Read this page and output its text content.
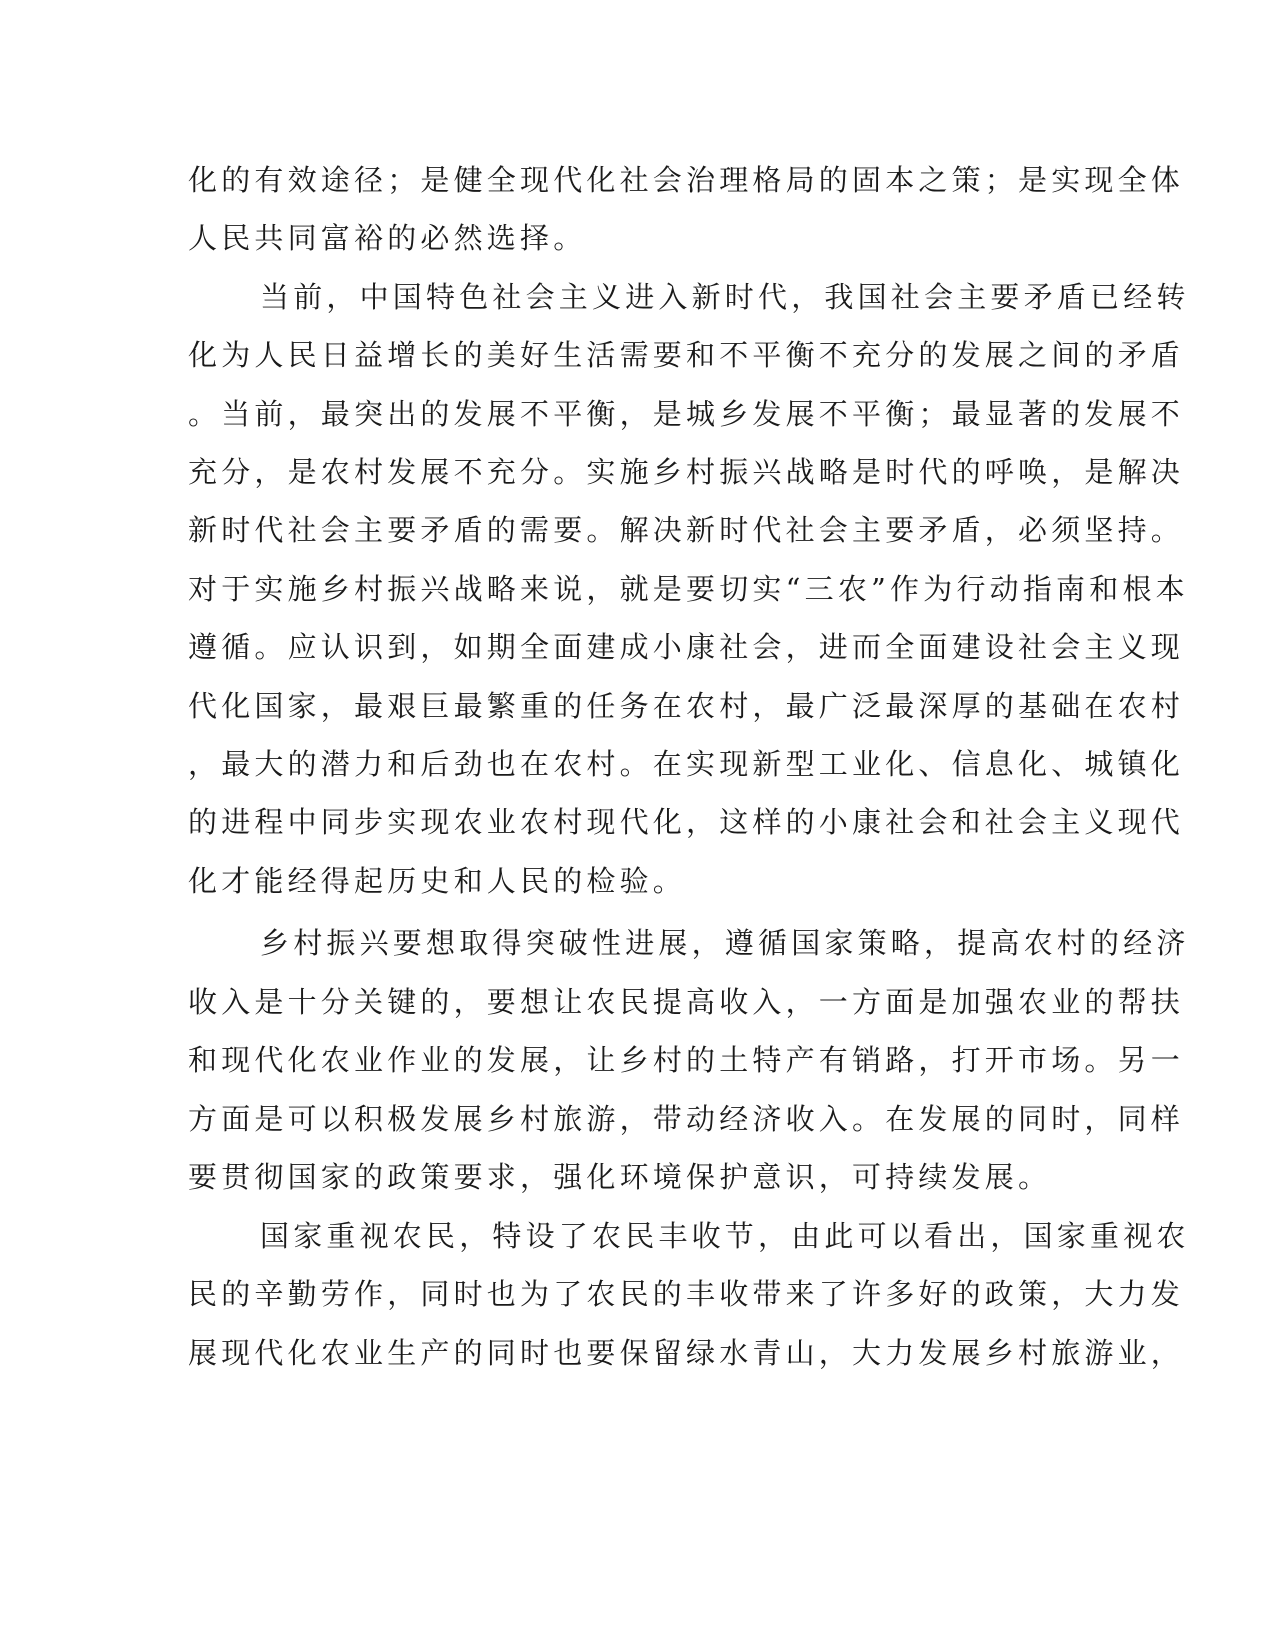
化的有效途径；是健全现代化社会治理格局的固本之策；是实现全体
人民共同富裕的必然选择。
当前，中国特色社会主义进入新时代，我国社会主要矛盾已经转
化为人民日益增长的美好生活需要和不平衡不充分的发展之间的矛盾
。当前，最突出的发展不平衡，是城乡发展不平衡；最显著的发展不
充分，是农村发展不充分。实施乡村振兴战略是时代的呼唤，是解决
新时代社会主要矛盾的需要。解决新时代社会主要矛盾，必须坚持。
对于实施乡村振兴战略来说，就是要切实“三农”作为行动指南和根本
遵循。应认识到，如期全面建成小康社会，进而全面建设社会主义现
代化国家，最艰巨最繁重的任务在农村，最广泛最深厚的基础在农村
，最大的潜力和后劲也在农村。在实现新型工业化、信息化、城镇化
的进程中同步实现农业农村现代化，这样的小康社会和社会主义现代
化才能经得起历史和人民的检验。
乡村振兴要想取得突破性进展，遵循国家策略，提高农村的经济
收入是十分关键的，要想让农民提高收入，一方面是加强农业的帮扶
和现代化农业作业的发展，让乡村的土特产有销路，打开市场。另一
方面是可以积极发展乡村旅游，带动经济收入。在发展的同时，同样
要贯彻国家的政策要求，强化环境保护意识，可持续发展。
国家重视农民，特设了农民丰收节，由此可以看出，国家重视农
民的辛勤劳作，同时也为了农民的丰收带来了许多好的政策，大力发
展现代化农业生产的同时也要保留绿水青山，大力发展乡村旅游业，
